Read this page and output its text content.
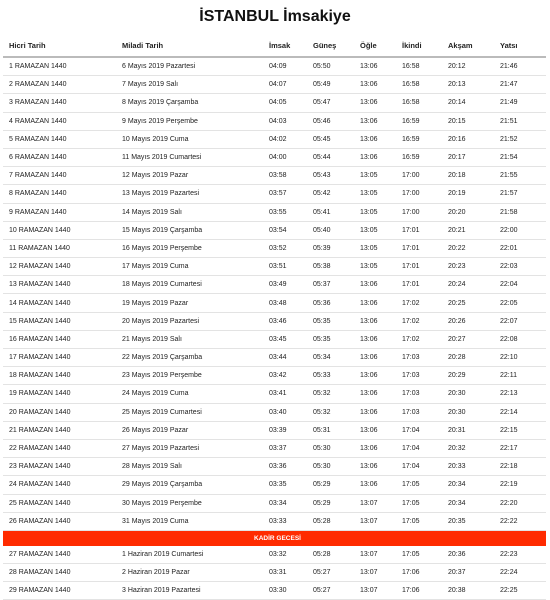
İSTANBUL İmsakiye
Hicri Tarih	Miladi Tarih	İmsak	Güneş	Öğle	İkindi	Akşam	Yatsı
1 RAMAZAN 1440	6 Mayıs 2019 Pazartesi	04:09	05:50	13:06	16:58	20:12	21:46
2 RAMAZAN 1440	7 Mayıs 2019 Salı	04:07	05:49	13:06	16:58	20:13	21:47
3 RAMAZAN 1440	8 Mayıs 2019 Çarşamba	04:05	05:47	13:06	16:58	20:14	21:49
4 RAMAZAN 1440	9 Mayıs 2019 Perşembe	04:03	05:46	13:06	16:59	20:15	21:51
5 RAMAZAN 1440	10 Mayıs 2019 Cuma	04:02	05:45	13:06	16:59	20:16	21:52
6 RAMAZAN 1440	11 Mayıs 2019 Cumartesi	04:00	05:44	13:06	16:59	20:17	21:54
7 RAMAZAN 1440	12 Mayıs 2019 Pazar	03:58	05:43	13:05	17:00	20:18	21:55
8 RAMAZAN 1440	13 Mayıs 2019 Pazartesi	03:57	05:42	13:05	17:00	20:19	21:57
9 RAMAZAN 1440	14 Mayıs 2019 Salı	03:55	05:41	13:05	17:00	20:20	21:58
10 RAMAZAN 1440	15 Mayıs 2019 Çarşamba	03:54	05:40	13:05	17:01	20:21	22:00
11 RAMAZAN 1440	16 Mayıs 2019 Perşembe	03:52	05:39	13:05	17:01	20:22	22:01
12 RAMAZAN 1440	17 Mayıs 2019 Cuma	03:51	05:38	13:05	17:01	20:23	22:03
13 RAMAZAN 1440	18 Mayıs 2019 Cumartesi	03:49	05:37	13:06	17:01	20:24	22:04
14 RAMAZAN 1440	19 Mayıs 2019 Pazar	03:48	05:36	13:06	17:02	20:25	22:05
15 RAMAZAN 1440	20 Mayıs 2019 Pazartesi	03:46	05:35	13:06	17:02	20:26	22:07
16 RAMAZAN 1440	21 Mayıs 2019 Salı	03:45	05:35	13:06	17:02	20:27	22:08
17 RAMAZAN 1440	22 Mayıs 2019 Çarşamba	03:44	05:34	13:06	17:03	20:28	22:10
18 RAMAZAN 1440	23 Mayıs 2019 Perşembe	03:42	05:33	13:06	17:03	20:29	22:11
19 RAMAZAN 1440	24 Mayıs 2019 Cuma	03:41	05:32	13:06	17:03	20:30	22:13
20 RAMAZAN 1440	25 Mayıs 2019 Cumartesi	03:40	05:32	13:06	17:03	20:30	22:14
21 RAMAZAN 1440	26 Mayıs 2019 Pazar	03:39	05:31	13:06	17:04	20:31	22:15
22 RAMAZAN 1440	27 Mayıs 2019 Pazartesi	03:37	05:30	13:06	17:04	20:32	22:17
23 RAMAZAN 1440	28 Mayıs 2019 Salı	03:36	05:30	13:06	17:04	20:33	22:18
24 RAMAZAN 1440	29 Mayıs 2019 Çarşamba	03:35	05:29	13:06	17:05	20:34	22:19
25 RAMAZAN 1440	30 Mayıs 2019 Perşembe	03:34	05:29	13:07	17:05	20:34	22:20
26 RAMAZAN 1440	31 Mayıs 2019 Cuma	03:33	05:28	13:07	17:05	20:35	22:22
KADİR GECESİ							
27 RAMAZAN 1440	1 Haziran 2019 Cumartesi	03:32	05:28	13:07	17:05	20:36	22:23
28 RAMAZAN 1440	2 Haziran 2019 Pazar	03:31	05:27	13:07	17:06	20:37	22:24
29 RAMAZAN 1440	3 Haziran 2019 Pazartesi	03:30	05:27	13:07	17:06	20:38	22:25
